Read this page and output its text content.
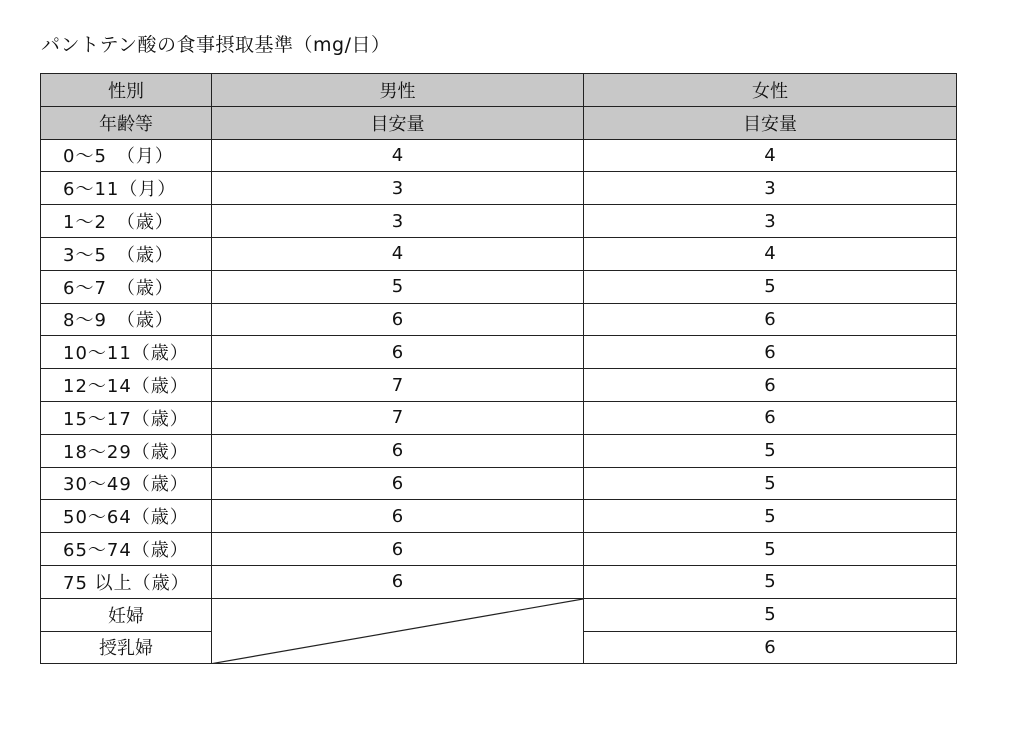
パントテン酸の食事摂取基準（mg/日）
性別	男性	女性
年齢等	目安量	目安量
0～5　（月）	4	4
6～11（月）	3	3
1～2　（歳）	3	3
3～5　（歳）	4	4
6～7　（歳）	5	5
8～9　（歳）	6	6
10～11（歳）	6	6
12～14（歳）	7	6
15～17（歳）	7	6
18～29（歳）	6	5
30～49（歳）	6	5
50～64（歳）	6	5
65～74（歳）	6	5
75 以上（歳）	6	5
妊婦		5
授乳婦		6
